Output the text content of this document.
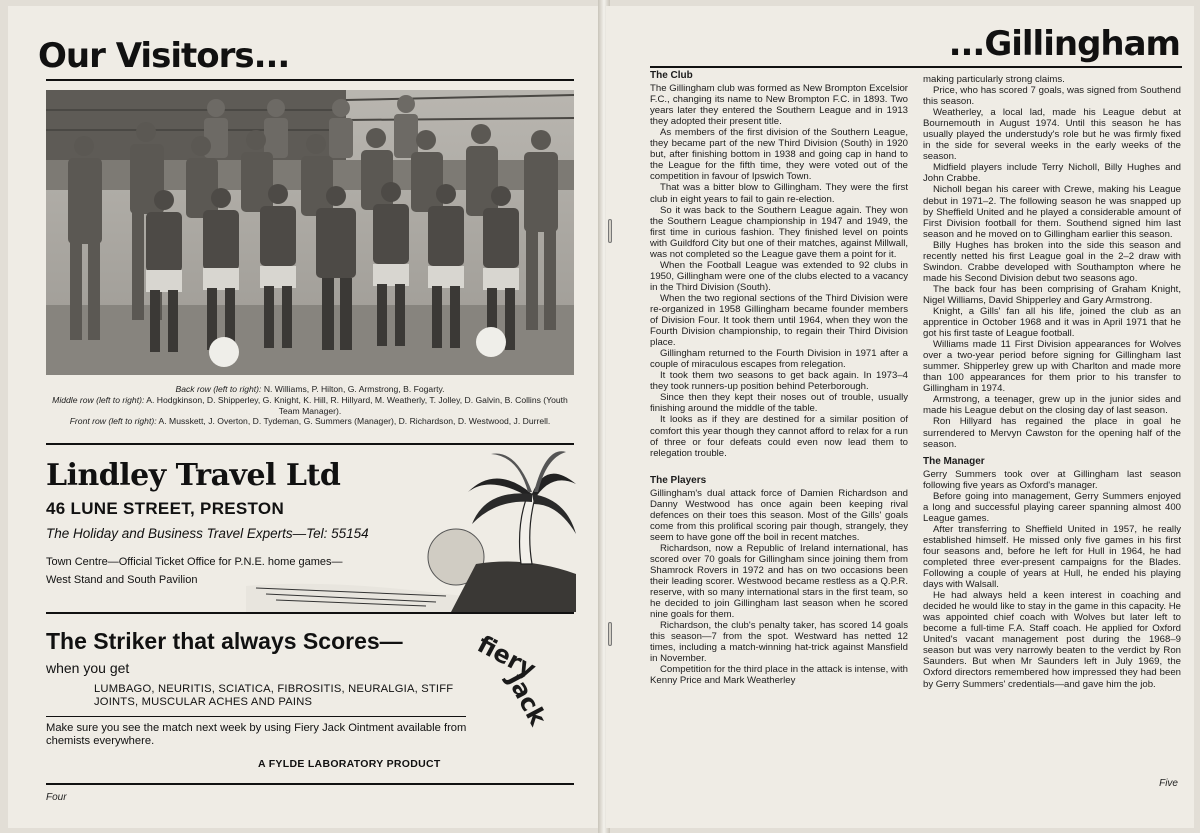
Our Visitors...
Back row (left to right): N. Williams, P. Hilton, G. Armstrong, B. Fogarty.
Middle row (left to right): A. Hodgkinson, D. Shipperley, G. Knight, K. Hill, R. Hillyard, M. Weatherly, T. Jolley, D. Galvin, B. Collins (Youth Team Manager).
Front row (left to right): A. Musskett, J. Overton, D. Tydeman, G. Summers (Manager), D. Richardson, D. Westwood, J. Durrell.
Lindley Travel Ltd
46 LUNE STREET, PRESTON
The Holiday and Business Travel Experts—Tel: 55154
Town Centre—Official Ticket Office for P.N.E. home games—
West Stand and South Pavilion
The Striker that always Scores—
when you get
LUMBAGO, NEURITIS, SCIATICA, FIBROSITIS, NEURALGIA, STIFF JOINTS, MUSCULAR ACHES AND PAINS
Make sure you see the match next week by using Fiery Jack Ointment available from chemists everywhere.
A FYLDE LABORATORY PRODUCT
fiery
Jack
Four
...Gillingham
The Club

The Gillingham club was formed as New Brompton Excelsior F.C., changing its name to New Brompton F.C. in 1893. Two years later they entered the Southern League and in 1913 they adopted their present title.

As members of the first division of the Southern League, they became part of the new Third Division (South) in 1920 but, after finishing bottom in 1938 and going cap in hand to the League for the fifth time, they were voted out of the competition in favour of Ipswich Town.

That was a bitter blow to Gillingham. They were the first club in eight years to fail to gain re-election.

So it was back to the Southern League again. They won the Southern League championship in 1947 and 1949, the first time in curious fashion. They finished level on points with Guildford City but one of their matches, against Millwall, was not completed so the League gave them a point for it.

When the Football League was extended to 92 clubs in 1950, Gillingham were one of the clubs elected to a vacancy in the Third Division (South).

When the two regional sections of the Third Division were re-organized in 1958 Gillingham became founder members of Division Four. It took them until 1964, when they won the Fourth Division championship, to regain their Third Division place.

Gillingham returned to the Fourth Division in 1971 after a couple of miraculous escapes from relegation.

It took them two seasons to get back again. In 1973–4 they took runners-up position behind Peterborough.

Since then they kept their noses out of trouble, usually finishing around the middle of the table.

It looks as if they are destined for a similar position of comfort this year though they cannot afford to relax for a run of three or four defeats could even now lead them to relegation trouble.

The Players

Gillingham's dual attack force of Damien Richardson and Danny Westwood has once again been keeping rival defences on their toes this season. Most of the Gills' goals come from this prolifical scoring pair though, strangely, they seem to have gone off the boil in recent matches.

Richardson, now a Republic of Ireland international, has scored over 70 goals for Gillingham since joining them from Shamrock Rovers in 1972 and has on two occasions been their leading scorer. Westwood became restless as a Q.P.R. reserve, with so many international stars in the first team, so he decided to join Gillingham last season when he scored nine goals for them.

Richardson, the club's penalty taker, has scored 14 goals this season—7 from the spot. Westward has netted 12 times, including a match-winning hat-trick against Mansfield in November.

Competition for the third place in the attack is intense, with Kenny Price and Mark Weatherley

making particularly strong claims.

Price, who has scored 7 goals, was signed from Southend this season.

Weatherley, a local lad, made his League debut at Bournemouth in August 1974. Until this season he has usually played the understudy's role but he was firmly fixed in the side for several weeks in the early weeks of the season.

Midfield players include Terry Nicholl, Billy Hughes and John Crabbe.

Nicholl began his career with Crewe, making his League debut in 1971–2. The following season he was snapped up by Sheffield United and he played a considerable amount of First Division football for them. Southend signed him last season and he moved on to Gillingham earlier this season.

Billy Hughes has broken into the side this season and recently netted his first League goal in the 2–2 draw with Swindon. Crabbe developed with Southampton where he made his Second Division debut two seasons ago.

The back four has been comprising of Graham Knight, Nigel Williams, David Shipperley and Gary Armstrong.

Knight, a Gills' fan all his life, joined the club as an apprentice in October 1968 and it was in April 1971 that he got his first taste of League football.

Williams made 11 First Division appearances for Wolves over a two-year period before signing for Gillingham last summer. Shipperley grew up with Charlton and made more than 100 appearances for them prior to his transfer to Gillingham in 1974.

Armstrong, a teenager, grew up in the junior sides and made his League debut on the closing day of last season.

Ron Hillyard has regained the place in goal he surrendered to Mervyn Cawston for the opening half of the season.

The Manager

Gerry Summers took over at Gillingham last season following five years as Oxford's manager.

Before going into management, Gerry Summers enjoyed a long and successful playing career spanning almost 400 League games.

After transferring to Sheffield United in 1957, he really established himself. He missed only five games in his first four seasons and, before he left for Hull in 1964, he had completed three ever-present campaigns for the Blades. Following a couple of years at Hull, he ended his playing days with Walsall.

He had always held a keen interest in coaching and decided he would like to stay in the game in this capacity. He was appointed chief coach with Wolves but later left to become a full-time F.A. Staff coach. He applied for Oxford United's vacant management post during the 1968–9 season but was very narrowly beaten to the verdict by Ron Saunders. But when Mr Saunders left in July 1969, the Oxford directors remembered how impressed they had been by Gerry Summers' credentials—and gave him the job.

Five
